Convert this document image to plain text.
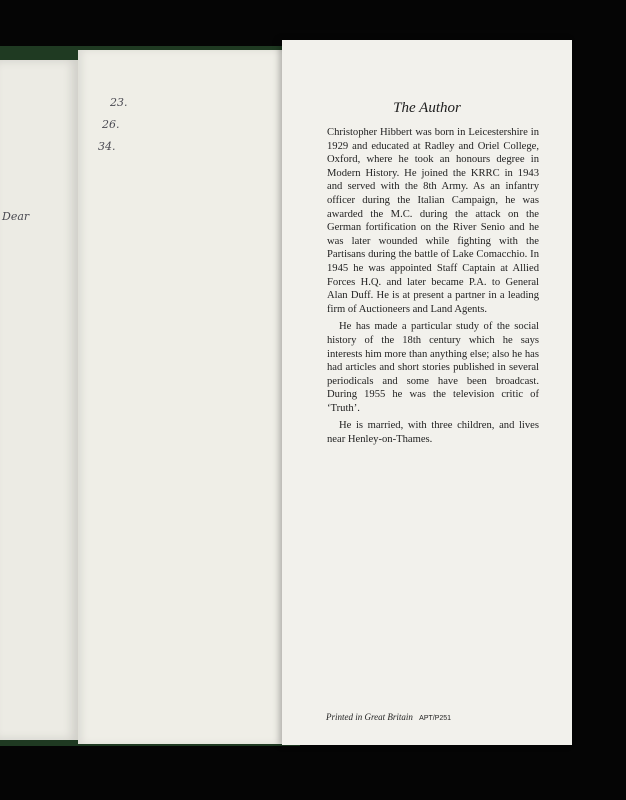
Dear
23.
26.
34.
The Author

Christopher Hibbert was born in Leicestershire in 1929 and educated at Radley and Oriel College, Oxford, where he took an honours degree in Modern History. He joined the KRRC in 1943 and served with the 8th Army. As an infantry officer during the Italian Campaign, he was awarded the M.C. during the attack on the German fortification on the River Senio and he was later wounded while fighting with the Partisans during the battle of Lake Comacchio. In 1945 he was appointed Staff Captain at Allied Forces H.Q. and later became P.A. to General Alan Duff. He is at present a partner in a leading firm of Auctioneers and Land Agents.

He has made a particular study of the social history of the 18th century which he says interests him more than anything else; also he has had articles and short stories published in several periodicals and some have been broadcast. During 1955 he was the television critic of ‘Truth’.

He is married, with three children, and lives near Henley-on-Thames.

Printed in Great Britain APT/P251
